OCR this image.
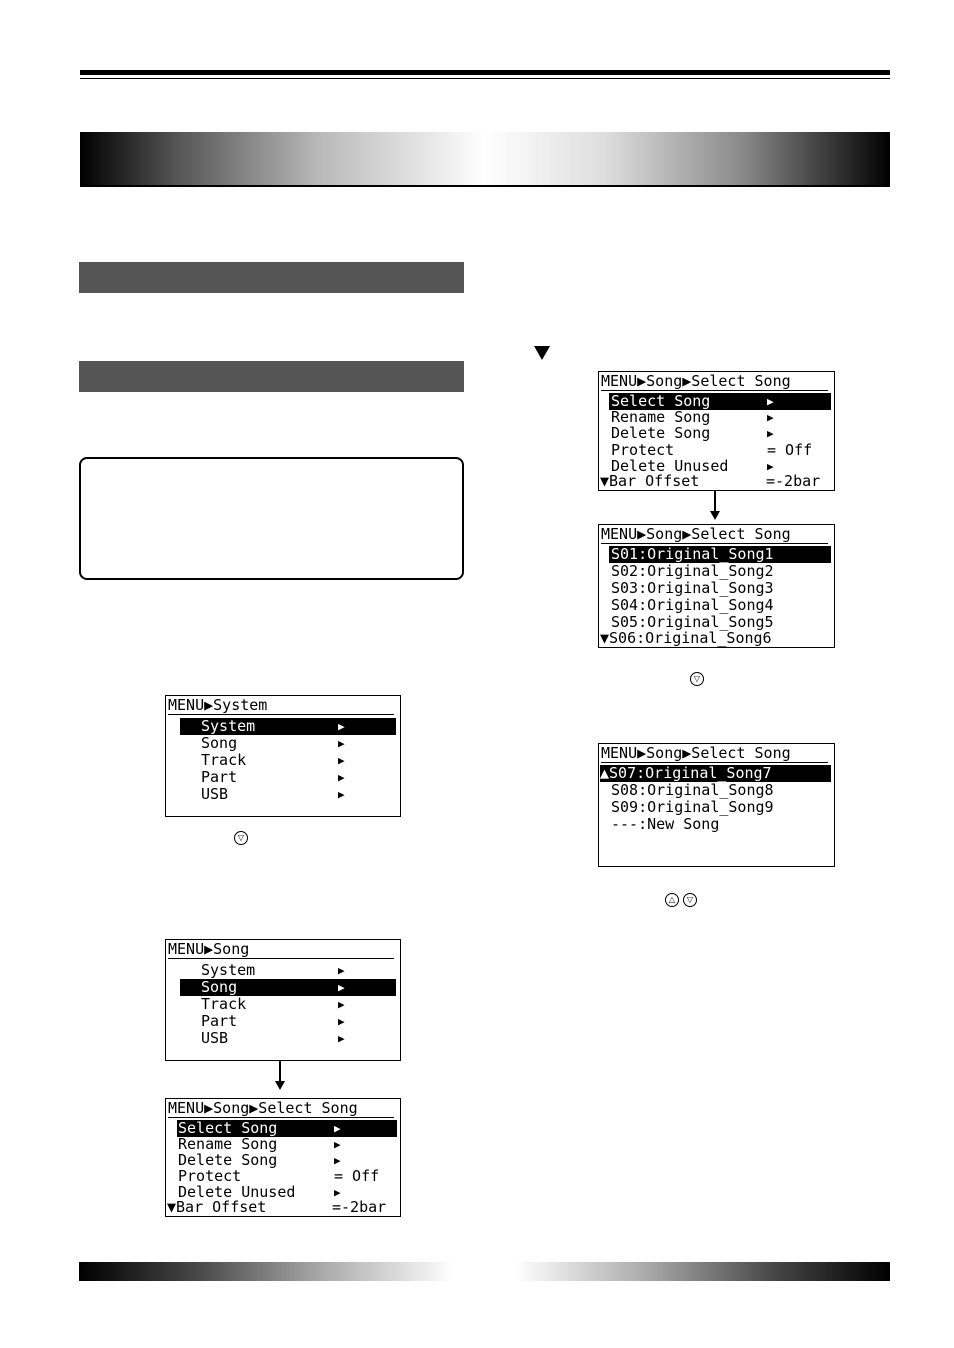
MENU▶System

System

	▶

Song

	▶

Track

	▶

Part

	▶

USB

	▶

▽
MENU▶Song

System

	▶

Song

	▶

Track

	▶

Part

	▶

USB

	▶

MENU▶Song▶Select Song

Select Song

	▶

Rename Song

	▶

Delete Song

	▶

Protect

	= Off

Delete Unused

	▶

▼Bar Offset

	=-2bar

MENU▶Song▶Select Song

Select Song

	▶

Rename Song

	▶

Delete Song

	▶

Protect

	= Off

Delete Unused

	▶

▼Bar Offset

	=-2bar

MENU▶Song▶Select Song

S01:Original_Song1

S02:Original_Song2

S03:Original_Song3

S04:Original_Song4

S05:Original_Song5

▼S06:Original_Song6

▽
MENU▶Song▶Select Song

▲S07:Original_Song7

S08:Original_Song8

S09:Original_Song9

---:New Song

△	▽
